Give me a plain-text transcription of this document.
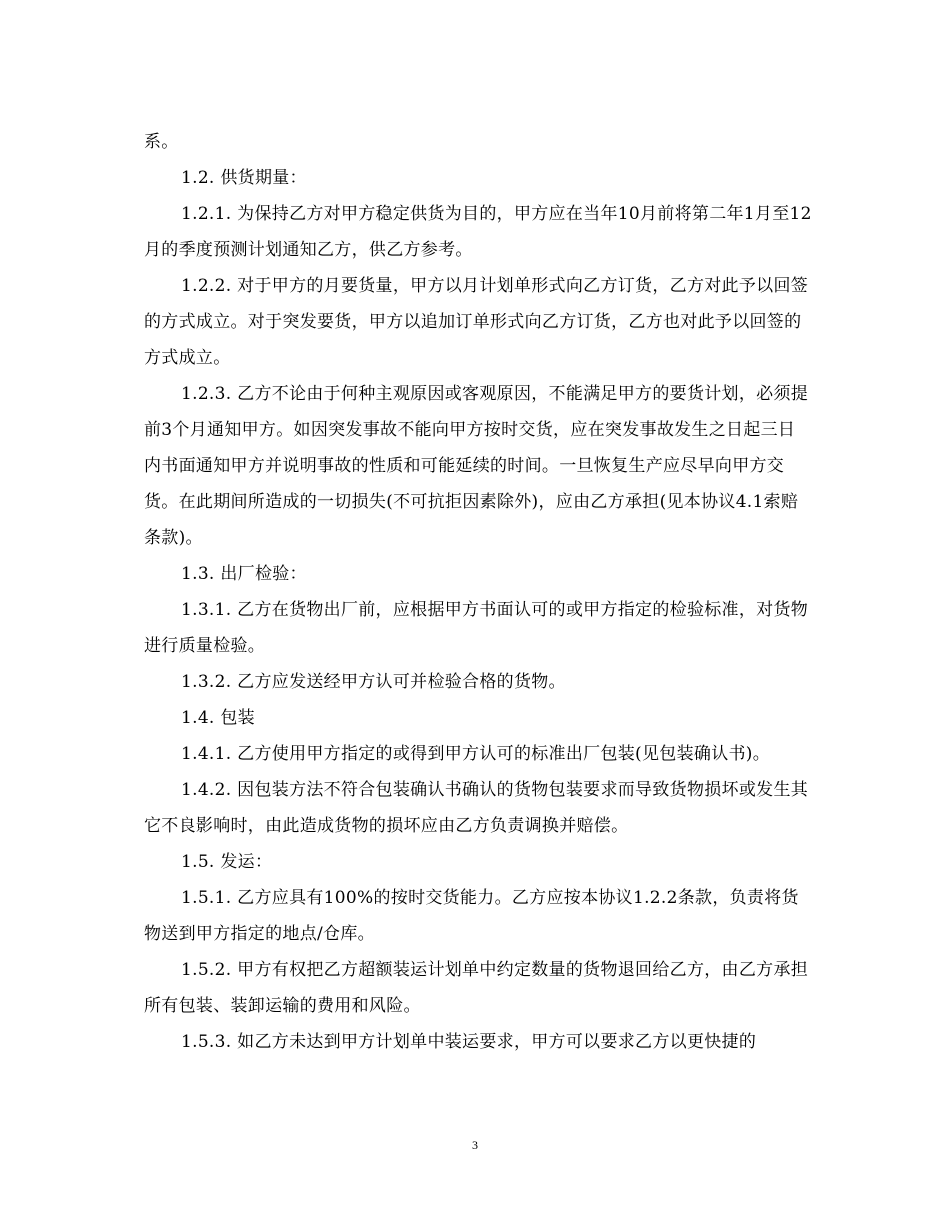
系。

1.2. 供货期量：

1.2.1. 为保持乙方对甲方稳定供货为目的，甲方应在当年10月前将第二年1月至12月的季度预测计划通知乙方，供乙方参考。

1.2.2. 对于甲方的月要货量，甲方以月计划单形式向乙方订货，乙方对此予以回签的方式成立。对于突发要货，甲方以追加订单形式向乙方订货，乙方也对此予以回签的方式成立。

1.2.3. 乙方不论由于何种主观原因或客观原因，不能满足甲方的要货计划，必须提前3个月通知甲方。如因突发事故不能向甲方按时交货，应在突发事故发生之日起三日内书面通知甲方并说明事故的性质和可能延续的时间。一旦恢复生产应尽早向甲方交货。在此期间所造成的一切损失(不可抗拒因素除外)，应由乙方承担(见本协议4.1索赔条款)。

1.3. 出厂检验：

1.3.1. 乙方在货物出厂前，应根据甲方书面认可的或甲方指定的检验标准，对货物进行质量检验。

1.3.2. 乙方应发送经甲方认可并检验合格的货物。

1.4. 包装

1.4.1. 乙方使用甲方指定的或得到甲方认可的标准出厂包装(见包装确认书)。

1.4.2. 因包装方法不符合包装确认书确认的货物包装要求而导致货物损坏或发生其它不良影响时，由此造成货物的损坏应由乙方负责调换并赔偿。

1.5. 发运：

1.5.1. 乙方应具有100%的按时交货能力。乙方应按本协议1.2.2条款，负责将货物送到甲方指定的地点/仓库。

1.5.2. 甲方有权把乙方超额装运计划单中约定数量的货物退回给乙方，由乙方承担所有包装、装卸运输的费用和风险。

1.5.3. 如乙方未达到甲方计划单中装运要求，甲方可以要求乙方以更快捷的

3
